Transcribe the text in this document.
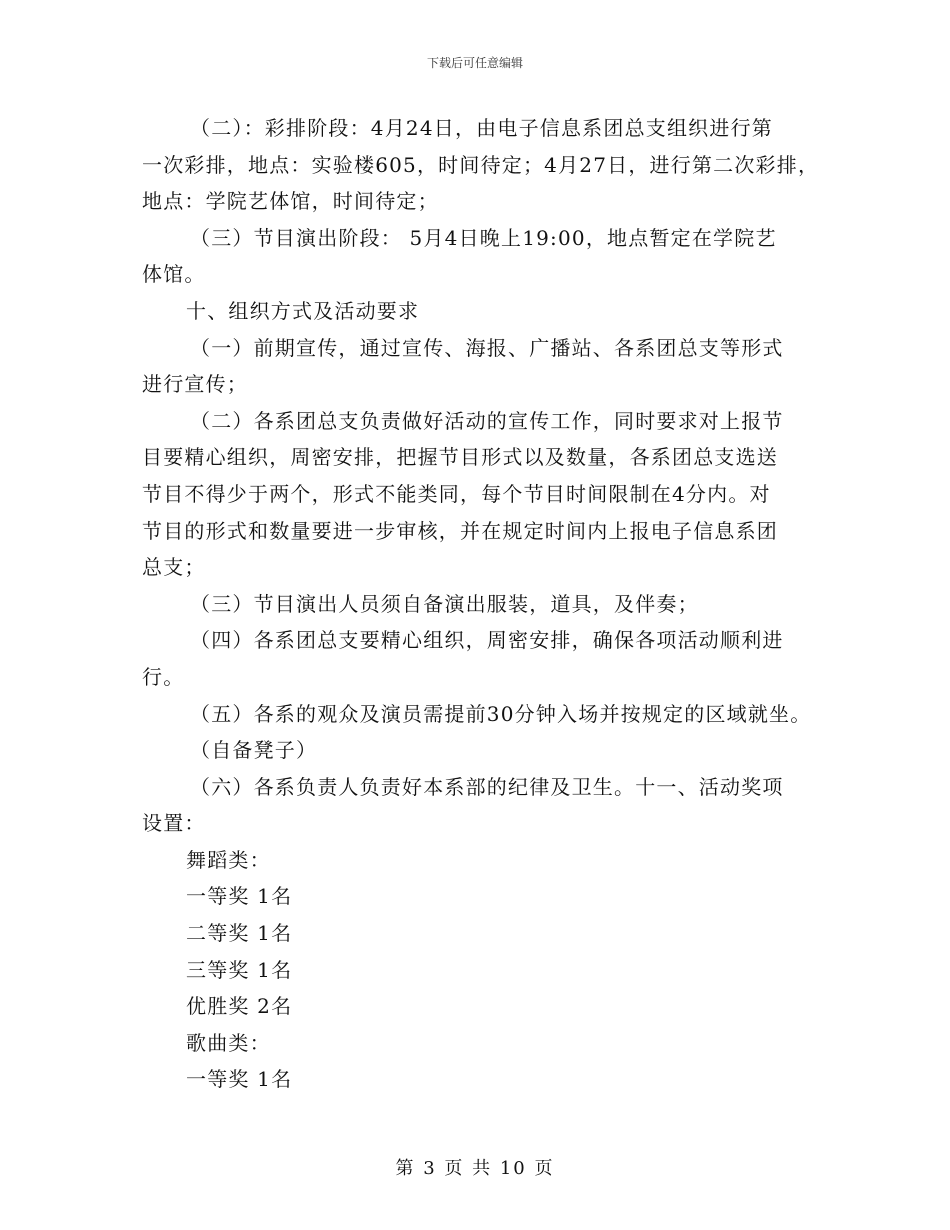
下载后可任意编辑
（二）：彩排阶段：4月24日，由电子信息系团总支组织进行第
一次彩排，地点：实验楼605，时间待定；4月27日，进行第二次彩排，
地点：学院艺体馆，时间待定；
（三）节目演出阶段： 5月4日晚上19:00，地点暂定在学院艺
体馆。
十、组织方式及活动要求
（一）前期宣传，通过宣传、海报、广播站、各系团总支等形式
进行宣传；
（二）各系团总支负责做好活动的宣传工作，同时要求对上报节
目要精心组织，周密安排，把握节目形式以及数量，各系团总支选送
节目不得少于两个，形式不能类同，每个节目时间限制在4分内。对
节目的形式和数量要进一步审核，并在规定时间内上报电子信息系团
总支；
（三）节目演出人员须自备演出服装，道具，及伴奏；
（四）各系团总支要精心组织，周密安排，确保各项活动顺利进
行。
（五）各系的观众及演员需提前30分钟入场并按规定的区域就坐。
（自备凳子）
（六）各系负责人负责好本系部的纪律及卫生。十一、活动奖项
设置：
舞蹈类：
一等奖 1名
二等奖 1名
三等奖 1名
优胜奖 2名
歌曲类：
一等奖 1名
第 3 页 共 10 页
